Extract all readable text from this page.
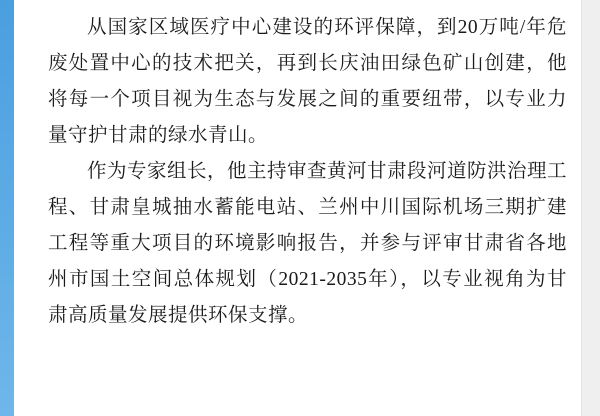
从国家区域医疗中心建设的环评保障，到20万吨/年危废处置中心的技术把关，再到长庆油田绿色矿山创建，他将每一个项目视为生态与发展之间的重要纽带，以专业力量守护甘肃的绿水青山。

作为专家组长，他主持审查黄河甘肃段河道防洪治理工程、甘肃皇城抽水蓄能电站、兰州中川国际机场三期扩建工程等重大项目的环境影响报告，并参与评审甘肃省各地州市国土空间总体规划（2021-2035年），以专业视角为甘肃高质量发展提供环保支撑。
